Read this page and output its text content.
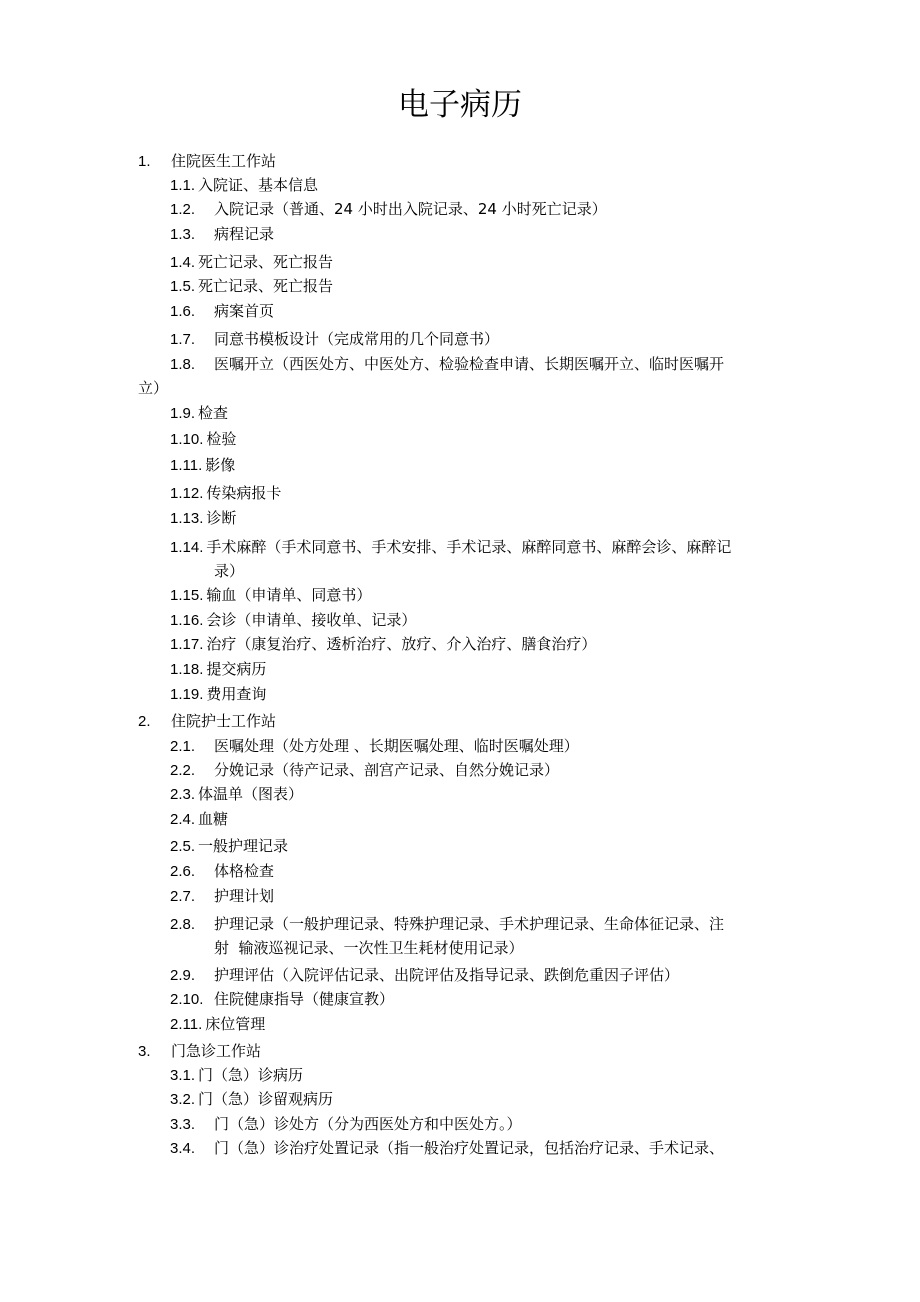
电子病历
1. 住院医生工作站
1.1. 入院证、基本信息
1.2. 入院记录（普通、24 小时出入院记录、24 小时死亡记录）
1.3. 病程记录
1.4. 死亡记录、死亡报告
1.5. 死亡记录、死亡报告
1.6. 病案首页
1.7. 同意书模板设计（完成常用的几个同意书）
1.8. 医嘱开立（西医处方、中医处方、检验检查申请、长期医嘱开立、临时医嘱开
立）
1.9. 检查
1.10. 检验
1.11. 影像
1.12. 传染病报卡
1.13. 诊断
1.14. 手术麻醉（手术同意书、手术安排、手术记录、麻醉同意书、麻醉会诊、麻醉记
录）
1.15. 输血（申请单、同意书）
1.16. 会诊（申请单、接收单、记录）
1.17. 治疗（康复治疗、透析治疗、放疗、介入治疗、膳食治疗）
1.18. 提交病历
1.19. 费用查询
2. 住院护士工作站
2.1. 医嘱处理（处方处理 、长期医嘱处理、临时医嘱处理）
2.2. 分娩记录（待产记录、剖宫产记录、自然分娩记录）
2.3. 体温单（图表）
2.4. 血糖
2.5. 一般护理记录
2.6. 体格检查
2.7. 护理计划
2.8. 护理记录（一般护理记录、特殊护理记录、手术护理记录、生命体征记录、注
射  输液巡视记录、一次性卫生耗材使用记录）
2.9. 护理评估（入院评估记录、出院评估及指导记录、跌倒危重因子评估）
2.10. 住院健康指导（健康宣教）
2.11. 床位管理
3. 门急诊工作站
3.1. 门（急）诊病历
3.2. 门（急）诊留观病历
3.3. 门（急）诊处方（分为西医处方和中医处方。）
3.4. 门（急）诊治疗处置记录（指一般治疗处置记录，包括治疗记录、手术记录、
